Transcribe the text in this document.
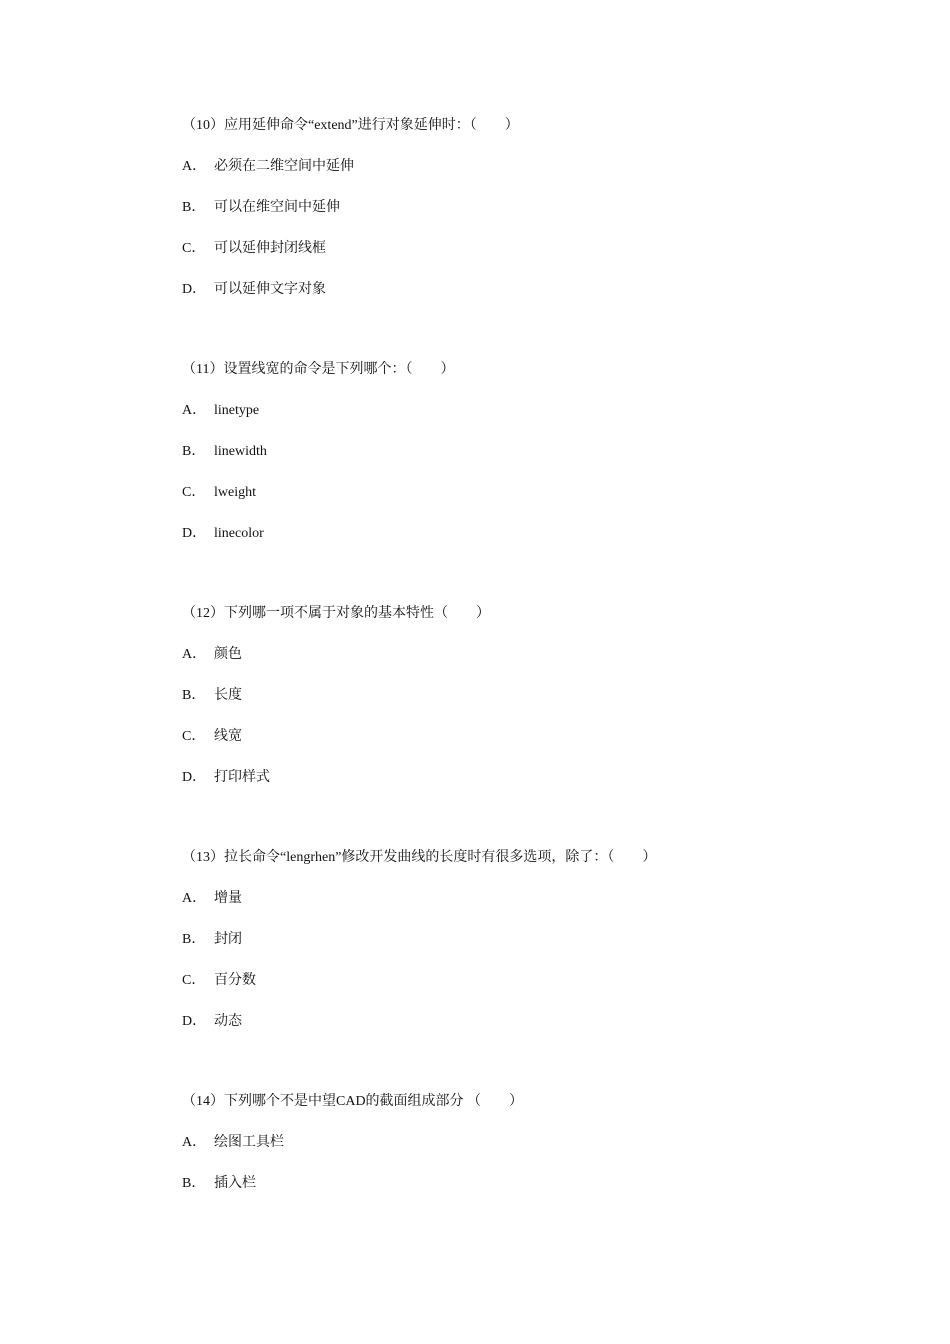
（10）应用延伸命令“extend”进行对象延伸时：（　　）

A． 必须在二维空间中延伸
B． 可以在维空间中延伸
C． 可以延伸封闭线框
D． 可以延伸文字对象

（11）设置线宽的命令是下列哪个：（　　）

A． linetype
B． linewidth
C． lweight
D． linecolor

（12）下列哪一项不属于对象的基本特性（　　）

A． 颜色
B． 长度
C． 线宽
D． 打印样式

（13）拉长命令“lengrhen”修改开发曲线的长度时有很多选项，除了：（　　）

A． 增量
B． 封闭
C． 百分数
D． 动态

（14）下列哪个不是中望CAD的截面组成部分 （　　）

A． 绘图工具栏
B． 插入栏
